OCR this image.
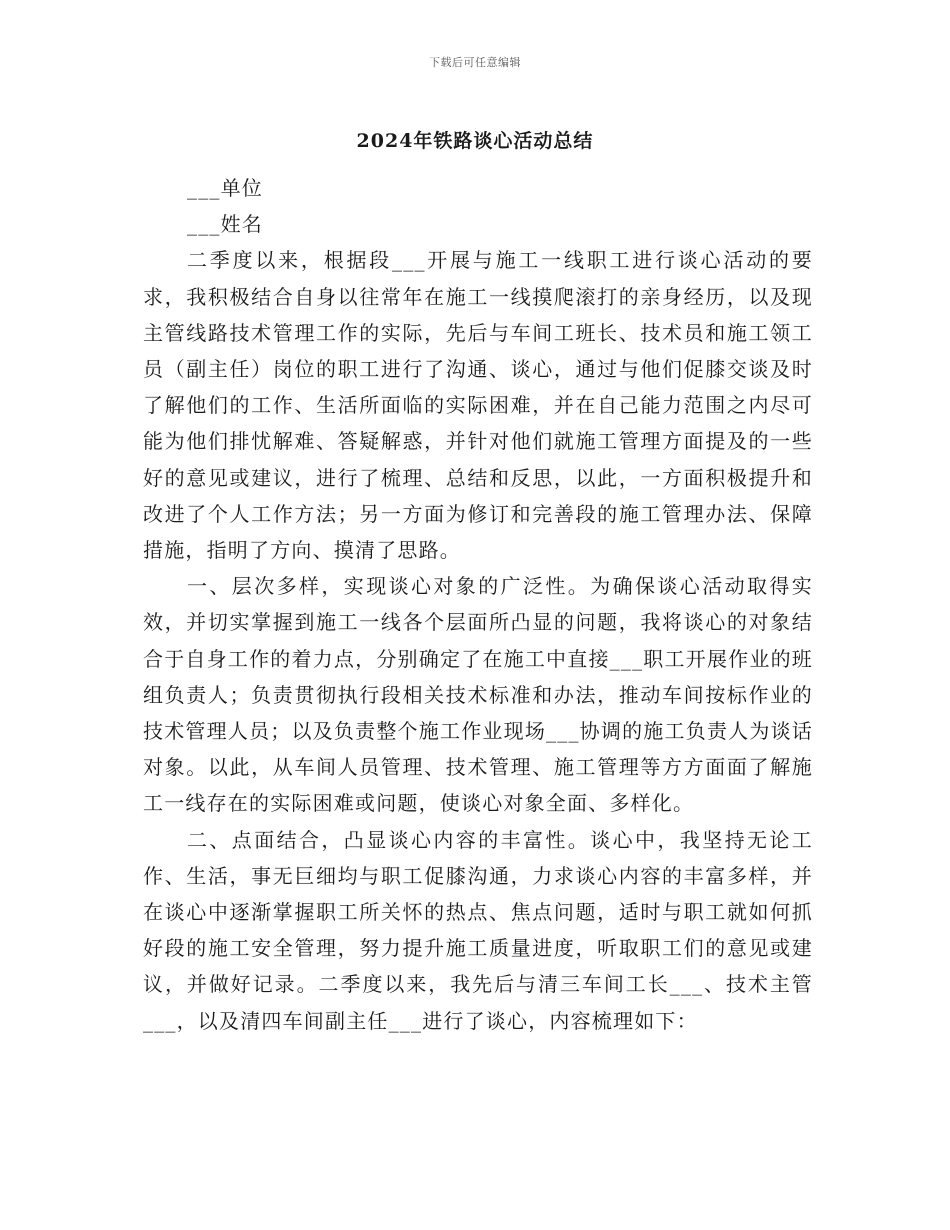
下载后可任意编辑
2024年铁路谈心活动总结

___单位

___姓名

二季度以来，根据段___开展与施工一线职工进行谈心活动的要求，我积极结合自身以往常年在施工一线摸爬滚打的亲身经历，以及现主管线路技术管理工作的实际，先后与车间工班长、技术员和施工领工员（副主任）岗位的职工进行了沟通、谈心，通过与他们促膝交谈及时了解他们的工作、生活所面临的实际困难，并在自己能力范围之内尽可能为他们排忧解难、答疑解惑，并针对他们就施工管理方面提及的一些好的意见或建议，进行了梳理、总结和反思，以此，一方面积极提升和改进了个人工作方法；另一方面为修订和完善段的施工管理办法、保障措施，指明了方向、摸清了思路。

一、层次多样，实现谈心对象的广泛性。为确保谈心活动取得实效，并切实掌握到施工一线各个层面所凸显的问题，我将谈心的对象结合于自身工作的着力点，分别确定了在施工中直接___职工开展作业的班组负责人；负责贯彻执行段相关技术标准和办法，推动车间按标作业的技术管理人员；以及负责整个施工作业现场___协调的施工负责人为谈话对象。以此，从车间人员管理、技术管理、施工管理等方方面面了解施工一线存在的实际困难或问题，使谈心对象全面、多样化。

二、点面结合，凸显谈心内容的丰富性。谈心中，我坚持无论工作、生活，事无巨细均与职工促膝沟通，力求谈心内容的丰富多样，并在谈心中逐渐掌握职工所关怀的热点、焦点问题，适时与职工就如何抓好段的施工安全管理，努力提升施工质量进度，听取职工们的意见或建议，并做好记录。二季度以来，我先后与清三车间工长___、技术主管___，以及清四车间副主任___进行了谈心，内容梳理如下：
